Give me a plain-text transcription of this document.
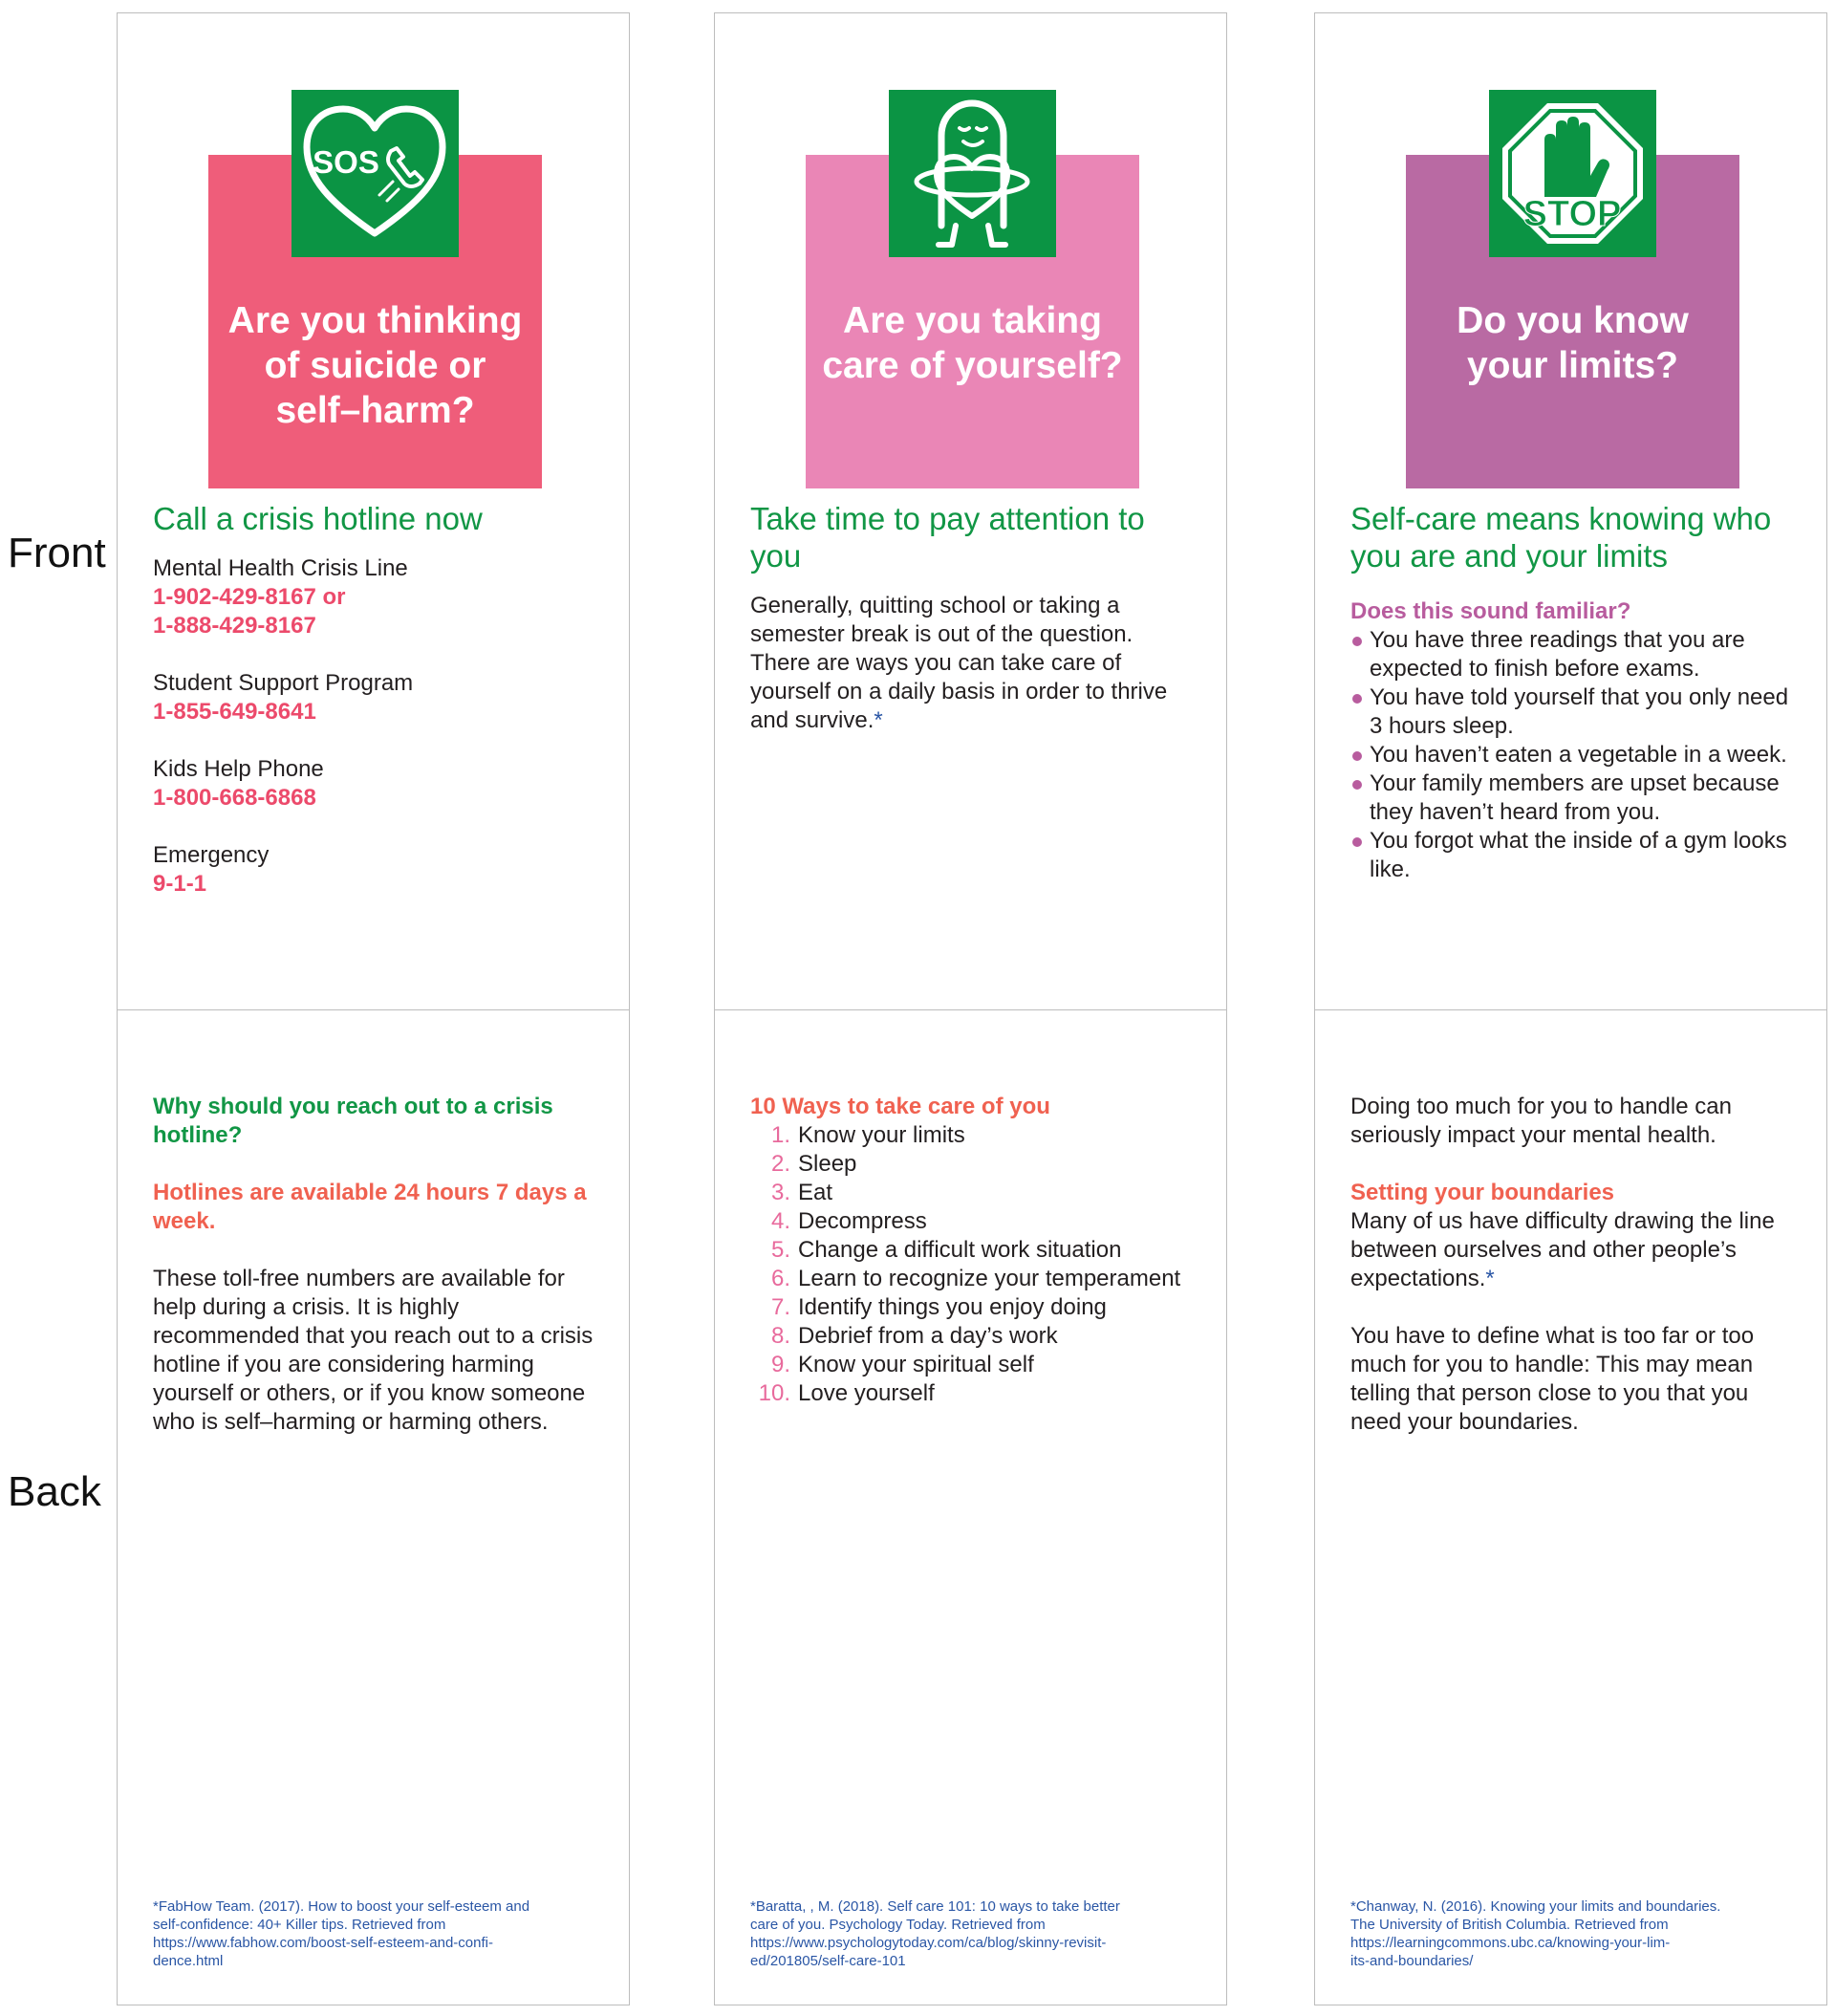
Front
Back
Are you thinking
of suicide or
self–harm?
SOS
Call a crisis hotline now
Mental Health Crisis Line
1-902-429-8167 or
1-888-429-8167
Student Support Program
1-855-649-8641
Kids Help Phone
1-800-668-6868
Emergency
9-1-1
Why should you reach out to a crisis hotline?
Hotlines are available 24 hours 7 days a week.
These toll-free numbers are available for help during a crisis. It is highly recommended that you reach out to a crisis hotline if you are considering harming yourself or others, or if you know someone who is self–harming or harming others.
*FabHow Team. (2017). How to boost your self-esteem and
self-confidence: 40+ Killer tips. Retrieved from
https://www.fabhow.com/boost-self-esteem-and-confi-
dence.html
Are you taking
care of yourself?
Take time to pay attention to you
Generally, quitting school or taking a semester break is out of the question. There are ways you can take care of yourself on a daily basis in order to thrive and survive.*
10 Ways to take care of you
1. Know your limits
2. Sleep
3. Eat
4. Decompress
5. Change a difficult work situation
6. Learn to recognize your temperament
7. Identify things you enjoy doing
8. Debrief from a day’s work
9. Know your spiritual self
10. Love yourself
*Baratta, , M. (2018). Self care 101: 10 ways to take better
care of you. Psychology Today. Retrieved from
https://www.psychologytoday.com/ca/blog/skinny-revisit-
ed/201805/self-care-101
Do you know
your limits?
STOP
Self-care means knowing who you are and your limits
Does this sound familiar?
You have three readings that you are expected to finish before exams.
You have told yourself that you only need 3 hours sleep.
You haven’t eaten a vegetable in a week.
Your family members are upset because they haven’t heard from you.
You forgot what the inside of a gym looks like.
Doing too much for you to handle can seriously impact your mental health.
Setting your boundaries
Many of us have difficulty drawing the line between ourselves and other people’s expectations.*
You have to define what is too far or too much for you to handle: This may mean telling that person close to you that you need your boundaries.
*Chanway, N. (2016). Knowing your limits and boundaries.
The University of British Columbia. Retrieved from
https://learningcommons.ubc.ca/knowing-your-lim-
its-and-boundaries/
